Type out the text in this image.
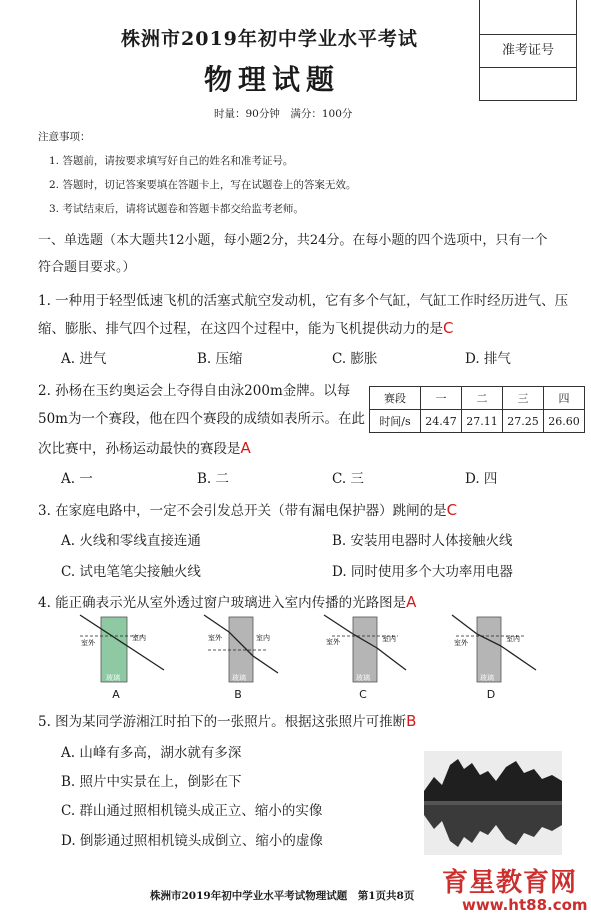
准考证号
株洲市2019年初中学业水平考试
物理试题
时量：90分钟　满分：100分
注意事项：
1. 答题前，请按要求填写好自己的姓名和准考证号。
2. 答题时，切记答案要填在答题卡上，写在试题卷上的答案无效。
3. 考试结束后，请将试题卷和答题卡都交给监考老师。
一、单选题（本大题共12小题，每小题2分，共24分。在每小题的四个选项中，只有一个
符合题目要求。）
1. 一种用于轻型低速飞机的活塞式航空发动机，它有多个气缸，气缸工作时经历进气、压
缩、膨胀、排气四个过程，在这四个过程中，能为飞机提供动力的是C
A. 进气	B. 压缩	C. 膨胀	D. 排气
2. 孙杨在玉约奥运会上夺得自由泳200m金牌。以每
50m为一个赛段，他在四个赛段的成绩如表所示。在此
次比赛中，孙杨运动最快的赛段是A
赛段	一	二	三	四
时间/s	24.47	27.11	27.25	26.60
A. 一	B. 二	C. 三	D. 四
3. 在家庭电路中，一定不会引发总开关（带有漏电保护器）跳闸的是C
A. 火线和零线直接连通	B. 安装用电器时人体接触火线
C. 试电笔笔尖接触火线	D. 同时使用多个大功率用电器
4. 能正确表示光从室外透过窗户玻璃进入室内传播的光路图是A
室外
室内
玻璃
A
室外	室内
玻璃
B
室外	室内
玻璃
C
室外	室内
玻璃
D
5. 图为某同学游湘江时拍下的一张照片。根据这张照片可推断B
A. 山峰有多高，湖水就有多深
B. 照片中实景在上，倒影在下
C. 群山通过照相机镜头成正立、缩小的实像
D. 倒影通过照相机镜头成倒立、缩小的虚像
株洲市2019年初中学业水平考试物理试题　第1页共8页 育星教育网
www.ht88.com
